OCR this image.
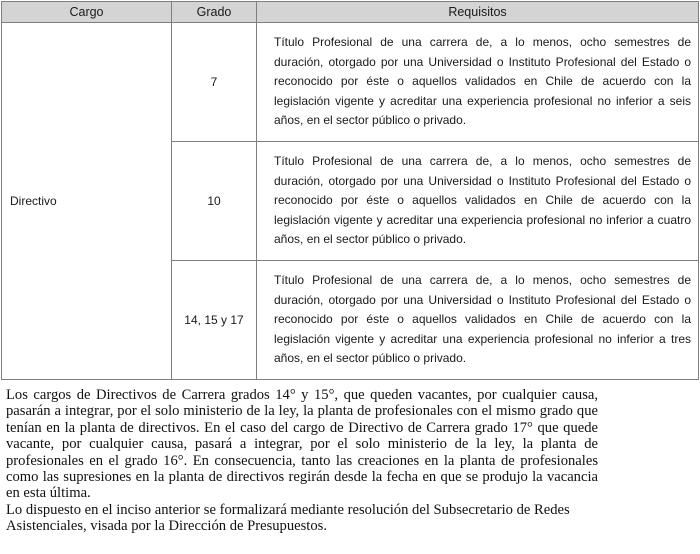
Cargo	Grado	Requisitos
Directivo	7	Título Profesional de una carrera de, a lo menos, ocho semestres de duración, otorgado por una Universidad o Instituto Profesional del Estado o reconocido por éste o aquellos validados en Chile de acuerdo con la legislación vigente y acreditar una experiencia profesional no inferior a seis años, en el sector público o privado.
	10	Título Profesional de una carrera de, a lo menos, ocho semestres de duración, otorgado por una Universidad o Instituto Profesional del Estado o reconocido por éste o aquellos validados en Chile de acuerdo con la legislación vigente y acreditar una experiencia profesional no inferior a cuatro años, en el sector público o privado.
	14, 15 y 17	Título Profesional de una carrera de, a lo menos, ocho semestres de duración, otorgado por una Universidad o Instituto Profesional del Estado o reconocido por éste o aquellos validados en Chile de acuerdo con la legislación vigente y acreditar una experiencia profesional no inferior a tres años, en el sector público o privado.

Los cargos de Directivos de Carrera grados 14° y 15°, que queden vacantes, por cualquier causa, pasarán a integrar, por el solo ministerio de la ley, la planta de profesionales con el mismo grado que tenían en la planta de directivos. En el caso del cargo de Directivo de Carrera grado 17° que quede vacante, por cualquier causa, pasará a integrar, por el solo ministerio de la ley, la planta de profesionales en el grado 16°. En consecuencia, tanto las creaciones en la planta de profesionales como las supresiones en la planta de directivos regirán desde la fecha en que se produjo la vacancia en esta última.

Lo dispuesto en el inciso anterior se formalizará mediante resolución del Subsecretario de Redes Asistenciales, visada por la Dirección de Presupuestos.
